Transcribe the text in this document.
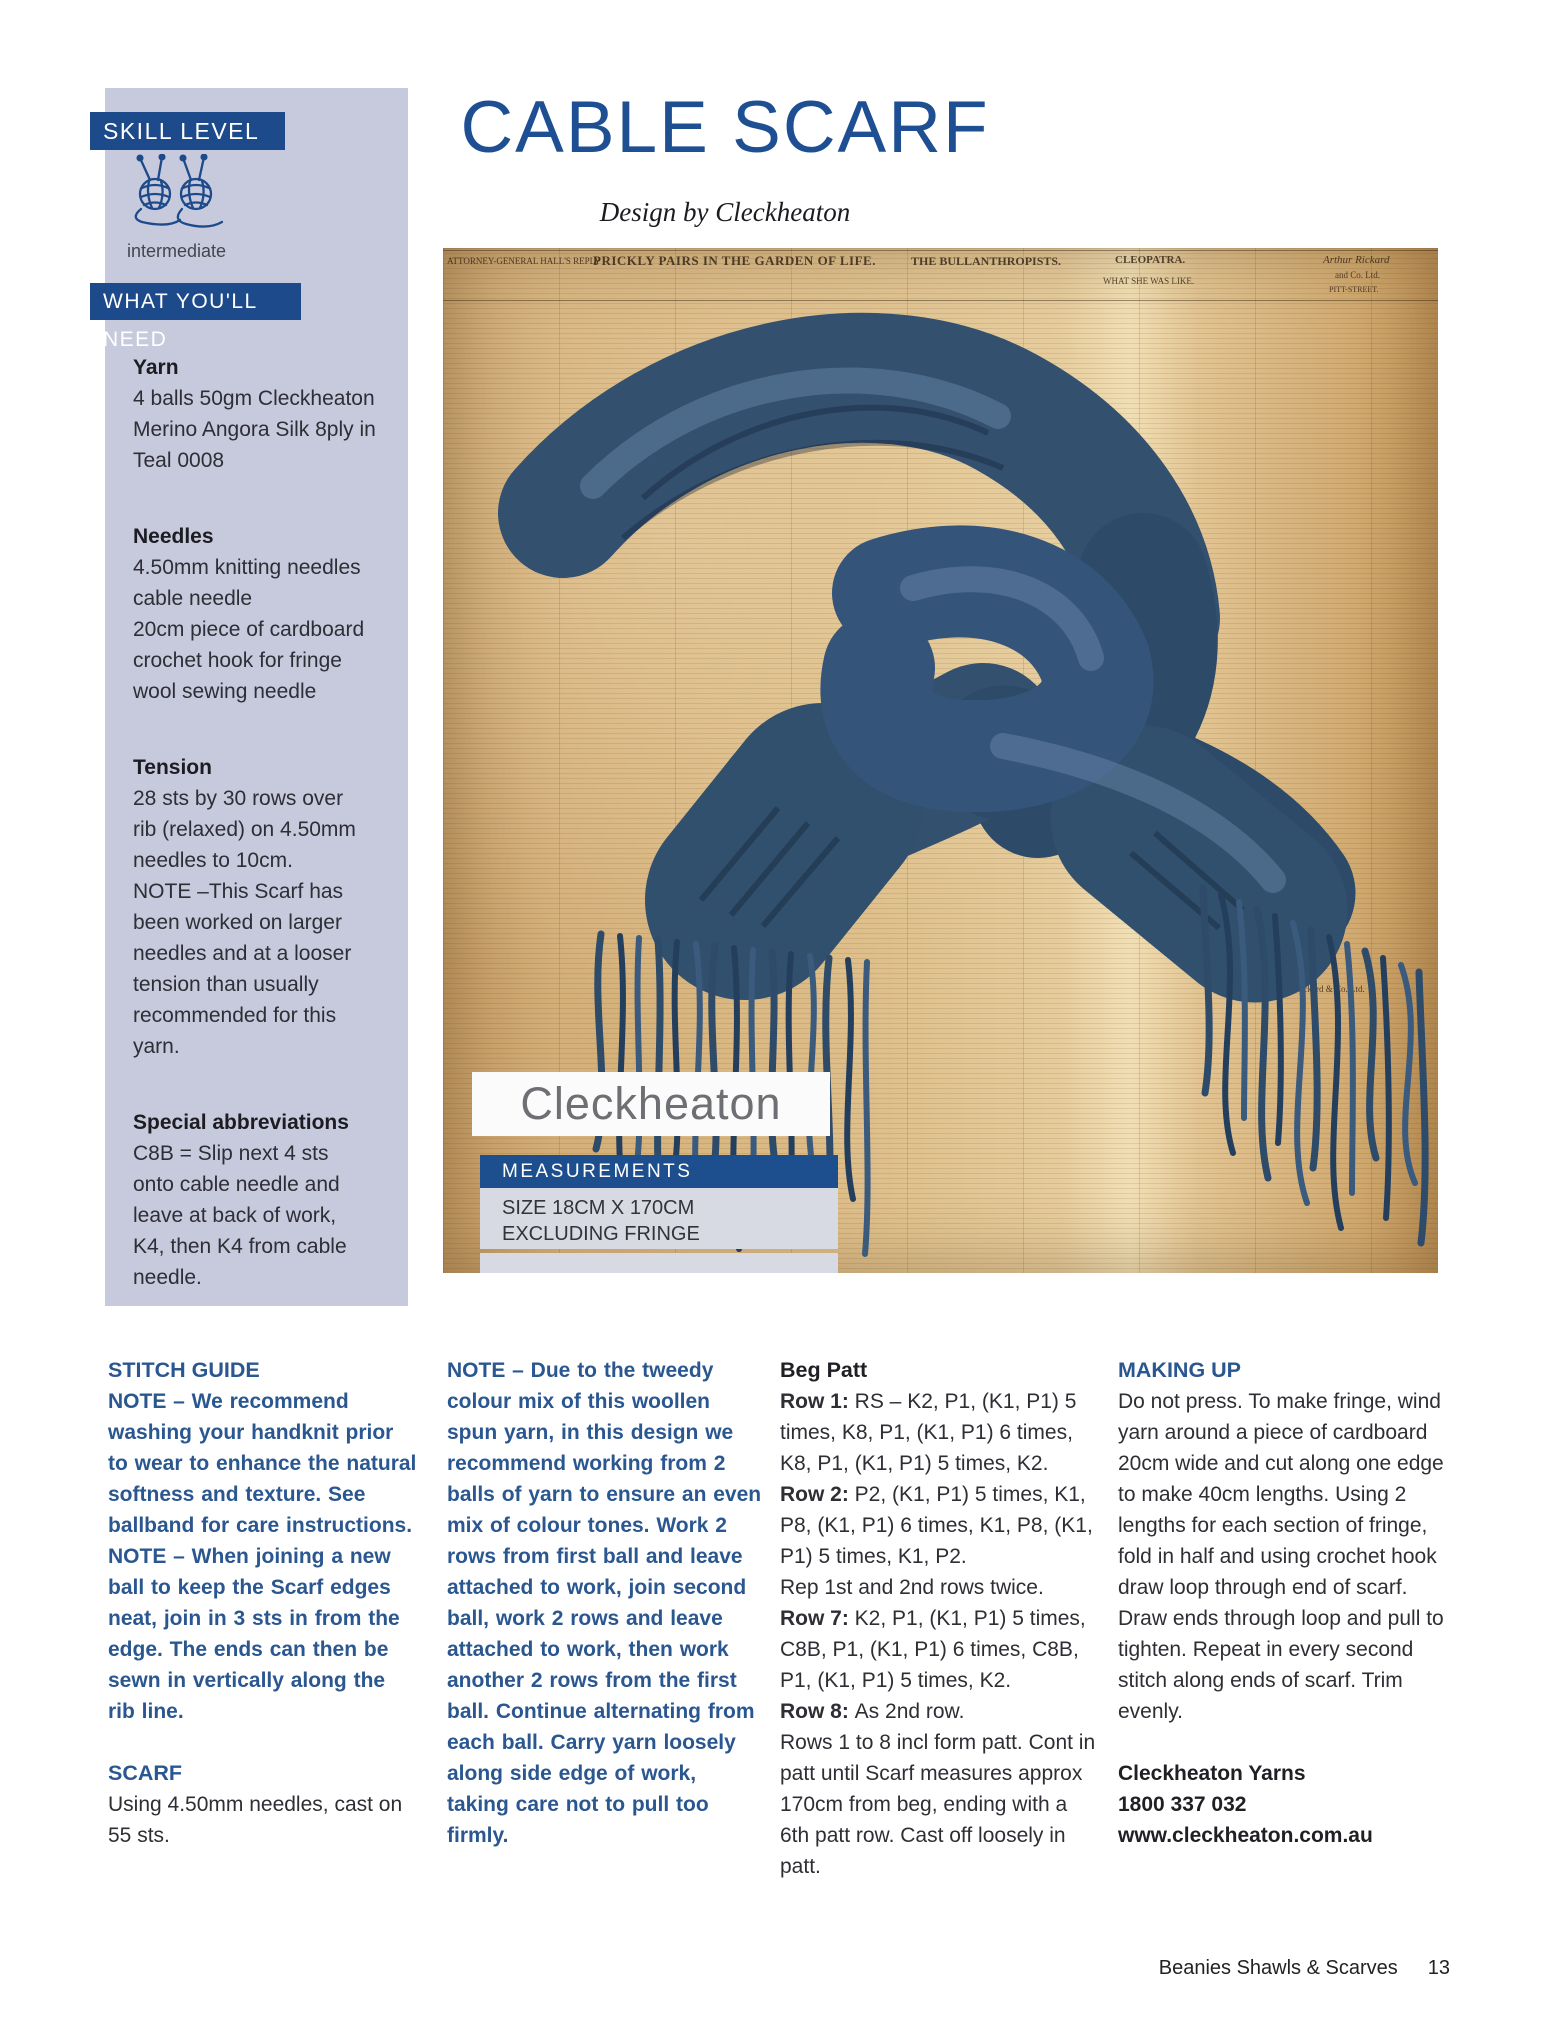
SKILL LEVEL
intermediate
WHAT YOU'LL NEED
Yarn
4 balls 50gm Cleckheaton
Merino Angora Silk 8ply in
Teal 0008
Needles
4.50mm knitting needles
cable needle
20cm piece of cardboard
crochet hook for fringe
wool sewing needle
Tension
28 sts by 30 rows over
rib (relaxed) on 4.50mm
needles to 10cm.
NOTE –This Scarf has
been worked on larger
needles and at a looser
tension than usually
recommended for this
yarn.
Special abbreviations
C8B = Slip next 4 sts
onto cable needle and
leave at back of work,
K4, then K4 from cable
needle.
CABLE SCARF
Design by Cleckheaton
ATTORNEY-GENERAL HALL'S REPLY
PRICKLY PAIRS IN THE GARDEN OF LIFE.	THE BULLANTHROPISTS.	CLEOPATRA.
WHAT SHE WAS LIKE.
Arthur Rickard
and Co. Ltd.
PITT-STREET.
Rickard & Co. Ltd.
Cleckheaton
MEASUREMENTS
SIZE 18CM X 170CM
EXCLUDING FRINGE
STITCH GUIDE
NOTE – We recommend washing your handknit prior to wear to enhance the natural softness and texture. See ballband for care instructions.
NOTE – When joining a new ball to keep the Scarf edges neat, join in 3 sts in from the edge. The ends can then be sewn in vertically along the rib line.
SCARF
Using 4.50mm needles, cast on 55 sts.
NOTE – Due to the tweedy colour mix of this woollen spun yarn, in this design we recommend working from 2 balls of yarn to ensure an even mix of colour tones. Work 2 rows from first ball and leave attached to work, join second ball, work 2 rows and leave attached to work, then work another 2 rows from the first ball. Continue alternating from each ball. Carry yarn loosely along side edge of work, taking care not to pull too firmly.
Beg Patt
Row 1: RS – K2, P1, (K1, P1) 5 times, K8, P1, (K1, P1) 6 times, K8, P1, (K1, P1) 5 times, K2.
Row 2: P2, (K1, P1) 5 times, K1, P8, (K1, P1) 6 times, K1, P8, (K1, P1) 5 times, K1, P2.
Rep 1st and 2nd rows twice.
Row 7: K2, P1, (K1, P1) 5 times, C8B, P1, (K1, P1) 6 times, C8B, P1, (K1, P1) 5 times, K2.
Row 8: As 2nd row.
Rows 1 to 8 incl form patt. Cont in patt until Scarf measures approx 170cm from beg, ending with a 6th patt row. Cast off loosely in patt.
MAKING UP
Do not press. To make fringe, wind yarn around a piece of cardboard 20cm wide and cut along one edge to make 40cm lengths. Using 2 lengths for each section of fringe, fold in half and using crochet hook draw loop through end of scarf. Draw ends through loop and pull to tighten. Repeat in every second stitch along ends of scarf. Trim evenly.
Cleckheaton Yarns
1800 337 032
www.cleckheaton.com.au
Beanies Shawls & Scarves 13
